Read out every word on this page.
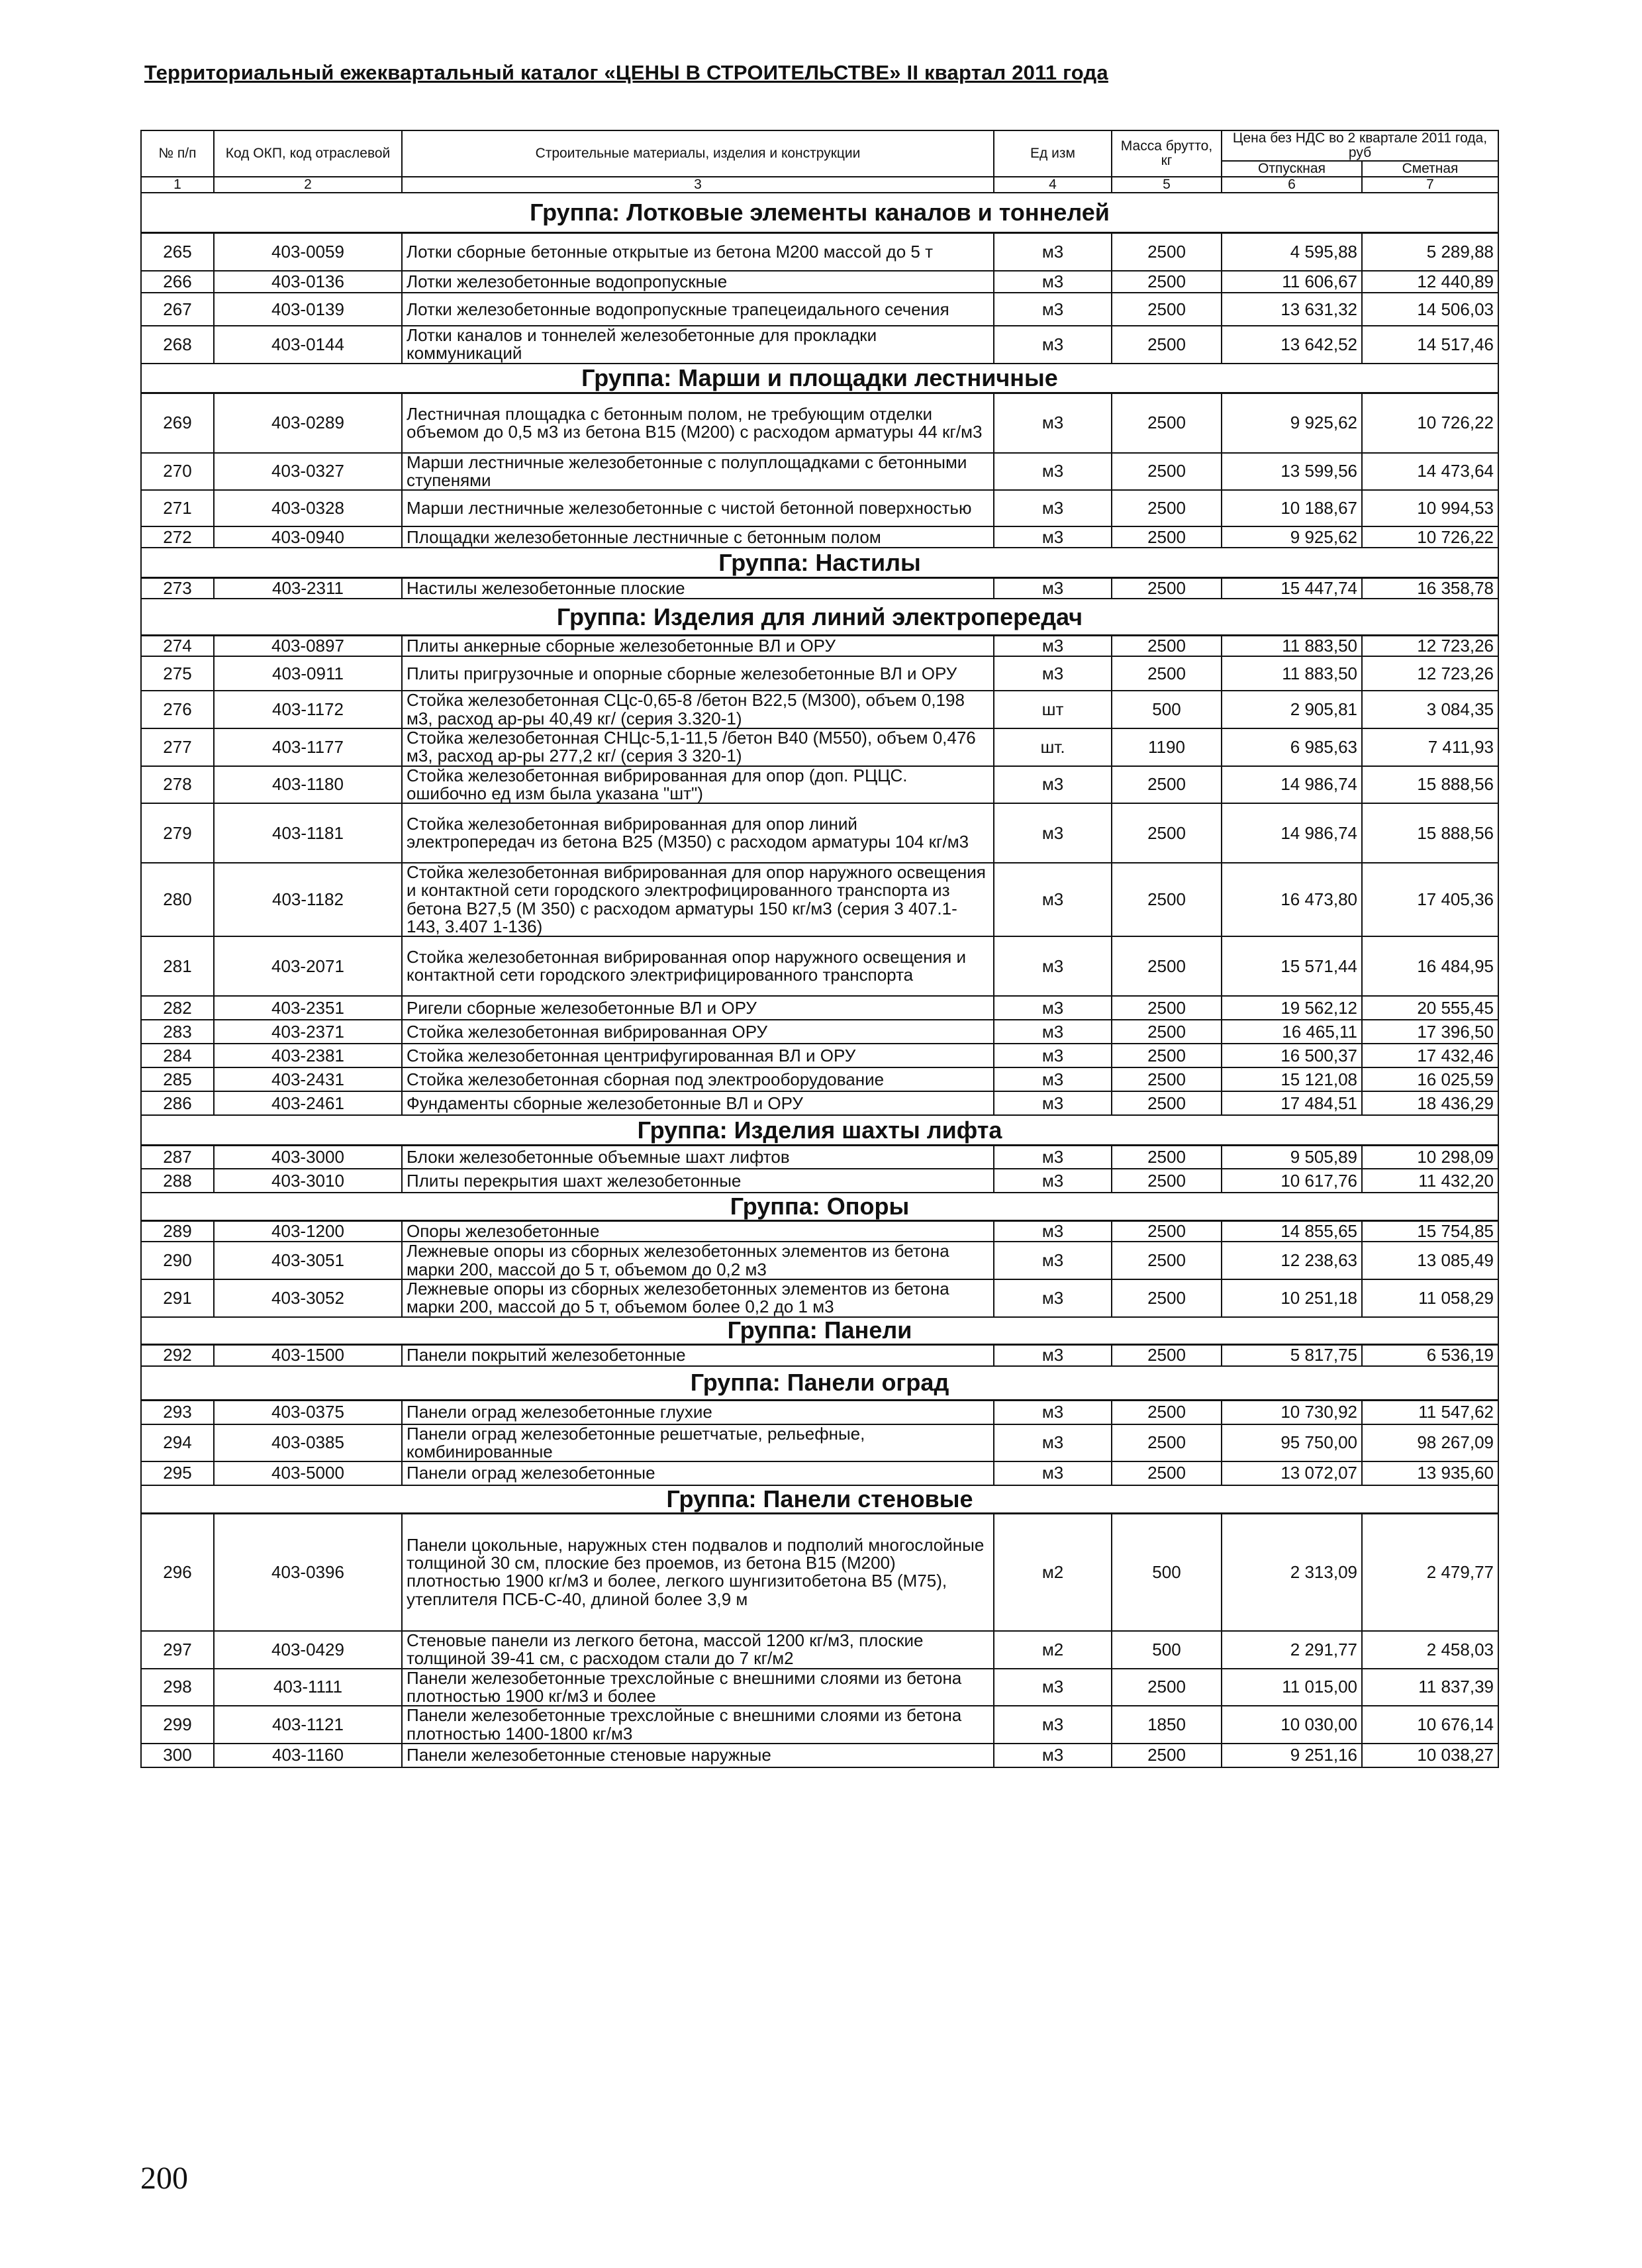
Территориальный ежеквартальный каталог «ЦЕНЫ В СТРОИТЕЛЬСТВЕ» II квартал 2011 года
№ п/п	Код ОКП, код отраслевой	Строительные материалы, изделия и конструкции	Ед изм	Масса брутто, кг	Цена без НДС во 2 квартале 2011 года, руб	
					Отпускная	Сметная
1	2	3	4	5	6	7
Группа: Лотковые элементы каналов и тоннелей						
265	403-0059	Лотки сборные бетонные открытые из бетона М200 массой до 5 т	м3	2500	4 595,88	5 289,88
266	403-0136	Лотки железобетонные водопропускные	м3	2500	11 606,67	12 440,89
267	403-0139	Лотки железобетонные водопропускные трапецеидального сечения	м3	2500	13 631,32	14 506,03
268	403-0144	Лотки каналов и тоннелей железобетонные для прокладки коммуникаций	м3	2500	13 642,52	14 517,46
Группа: Марши и площадки лестничные						
269	403-0289	Лестничная площадка с бетонным полом, не требующим отделки объемом до 0,5 м3 из бетона В15 (М200) с расходом арматуры 44 кг/м3	м3	2500	9 925,62	10 726,22
270	403-0327	Марши лестничные железобетонные с полуплощадками с бетонными ступенями	м3	2500	13 599,56	14 473,64
271	403-0328	Марши лестничные железобетонные с чистой бетонной поверхностью	м3	2500	10 188,67	10 994,53
272	403-0940	Площадки железобетонные лестничные с бетонным полом	м3	2500	9 925,62	10 726,22
Группа: Настилы						
273	403-2311	Настилы железобетонные плоские	м3	2500	15 447,74	16 358,78
Группа: Изделия для линий электропередач						
274	403-0897	Плиты анкерные сборные железобетонные ВЛ и ОРУ	м3	2500	11 883,50	12 723,26
275	403-0911	Плиты пригрузочные и опорные сборные железобетонные ВЛ и ОРУ	м3	2500	11 883,50	12 723,26
276	403-1172	Стойка железобетонная СЦс-0,65-8 /бетон В22,5 (М300), объем 0,198 м3, расход ар-ры 40,49 кг/ (серия 3.320-1)	шт	500	2 905,81	3 084,35
277	403-1177	Стойка железобетонная СНЦс-5,1-11,5 /бетон В40 (М550), объем 0,476 м3, расход ар-ры 277,2 кг/ (серия 3 320-1)	шт.	1190	6 985,63	7 411,93
278	403-1180	Стойка железобетонная вибрированная для опор (доп. РЦЦС. ошибочно ед изм была указана "шт")	м3	2500	14 986,74	15 888,56
279	403-1181	Стойка железобетонная вибрированная для опор линий электропередач из бетона В25 (М350) с расходом арматуры 104 кг/м3	м3	2500	14 986,74	15 888,56
280	403-1182	Стойка железобетонная вибрированная для опор наружного освещения и контактной сети городского электрофицированного транспорта из бетона В27,5 (М 350) с расходом арматуры 150 кг/м3 (серия 3 407.1-143, 3.407 1-136)	м3	2500	16 473,80	17 405,36
281	403-2071	Стойка железобетонная вибрированная опор наружного освещения и контактной сети городского электрифицированного транспорта	м3	2500	15 571,44	16 484,95
282	403-2351	Ригели сборные железобетонные ВЛ и ОРУ	м3	2500	19 562,12	20 555,45
283	403-2371	Стойка железобетонная вибрированная ОРУ	м3	2500	16 465,11	17 396,50
284	403-2381	Стойка железобетонная центрифугированная ВЛ и ОРУ	м3	2500	16 500,37	17 432,46
285	403-2431	Стойка железобетонная сборная под электрооборудование	м3	2500	15 121,08	16 025,59
286	403-2461	Фундаменты сборные железобетонные ВЛ и ОРУ	м3	2500	17 484,51	18 436,29
Группа: Изделия шахты лифта						
287	403-3000	Блоки железобетонные объемные шахт лифтов	м3	2500	9 505,89	10 298,09
288	403-3010	Плиты перекрытия шахт железобетонные	м3	2500	10 617,76	11 432,20
Группа: Опоры						
289	403-1200	Опоры железобетонные	м3	2500	14 855,65	15 754,85
290	403-3051	Лежневые опоры из сборных железобетонных элементов из бетона марки 200, массой до 5 т, объемом до 0,2 м3	м3	2500	12 238,63	13 085,49
291	403-3052	Лежневые опоры из сборных железобетонных элементов из бетона марки 200, массой до 5 т, объемом более 0,2 до 1 м3	м3	2500	10 251,18	11 058,29
Группа: Панели						
292	403-1500	Панели покрытий железобетонные	м3	2500	5 817,75	6 536,19
Группа: Панели оград						
293	403-0375	Панели оград железобетонные глухие	м3	2500	10 730,92	11 547,62
294	403-0385	Панели оград железобетонные решетчатые, рельефные, комбинированные	м3	2500	95 750,00	98 267,09
295	403-5000	Панели оград железобетонные	м3	2500	13 072,07	13 935,60
Группа: Панели стеновые						
296	403-0396	Панели цокольные, наружных стен подвалов и подполий многослойные толщиной 30 см, плоские без проемов, из бетона В15 (М200) плотностью 1900 кг/м3 и более, легкого шунгизитобетона В5 (М75), утеплителя ПСБ-С-40, длиной более 3,9 м	м2	500	2 313,09	2 479,77
297	403-0429	Стеновые панели из легкого бетона, массой 1200 кг/м3, плоские толщиной 39-41 см, с расходом стали до 7 кг/м2	м2	500	2 291,77	2 458,03
298	403-1111	Панели железобетонные трехслойные с внешними слоями из бетона плотностью 1900 кг/м3 и более	м3	2500	11 015,00	11 837,39
299	403-1121	Панели железобетонные трехслойные с внешними слоями из бетона плотностью 1400-1800 кг/м3	м3	1850	10 030,00	10 676,14
300	403-1160	Панели железобетонные стеновые наружные	м3	2500	9 251,16	10 038,27
200
